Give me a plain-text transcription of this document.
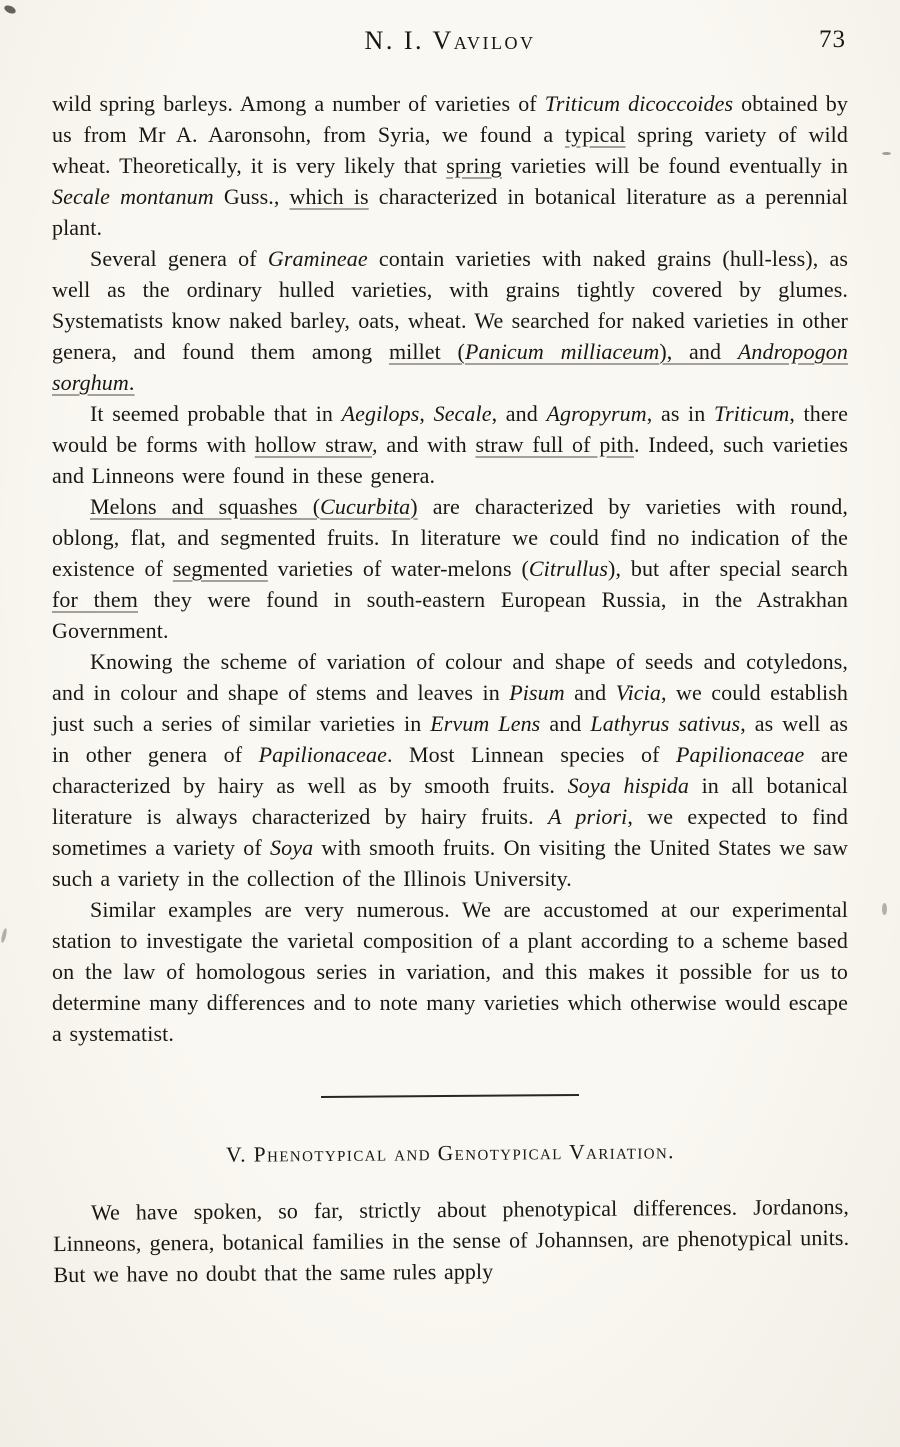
N. I. Vavilov	73

wild spring barleys. Among a number of varieties of Triticum dicoccoides obtained by us from Mr A. Aaronsohn, from Syria, we found a typical spring variety of wild wheat. Theoretically, it is very likely that spring varieties will be found eventually in Secale montanum Guss., which is characterized in botanical literature as a perennial plant.

Several genera of Gramineae contain varieties with naked grains (hull-less), as well as the ordinary hulled varieties, with grains tightly covered by glumes. Systematists know naked barley, oats, wheat. We searched for naked varieties in other genera, and found them among millet (Panicum milliaceum), and Andropogon sorghum.

It seemed probable that in Aegilops, Secale, and Agropyrum, as in Triticum, there would be forms with hollow straw, and with straw full of pith. Indeed, such varieties and Linneons were found in these genera.

Melons and squashes (Cucurbita) are characterized by varieties with round, oblong, flat, and segmented fruits. In literature we could find no indication of the existence of segmented varieties of water-melons (Citrullus), but after special search for them they were found in south-eastern European Russia, in the Astrakhan Government.

Knowing the scheme of variation of colour and shape of seeds and cotyledons, and in colour and shape of stems and leaves in Pisum and Vicia, we could establish just such a series of similar varieties in Ervum Lens and Lathyrus sativus, as well as in other genera of Papilionaceae. Most Linnean species of Papilionaceae are characterized by hairy as well as by smooth fruits. Soya hispida in all botanical literature is always characterized by hairy fruits. A priori, we expected to find sometimes a variety of Soya with smooth fruits. On visiting the United States we saw such a variety in the collection of the Illinois University.

Similar examples are very numerous. We are accustomed at our experimental station to investigate the varietal composition of a plant according to a scheme based on the law of homologous series in variation, and this makes it possible for us to determine many differences and to note many varieties which otherwise would escape a systematist.

V. Phenotypical and Genotypical Variation.

We have spoken, so far, strictly about phenotypical differences. Jordanons, Linneons, genera, botanical families in the sense of Johannsen, are phenotypical units. But we have no doubt that the same rules apply
